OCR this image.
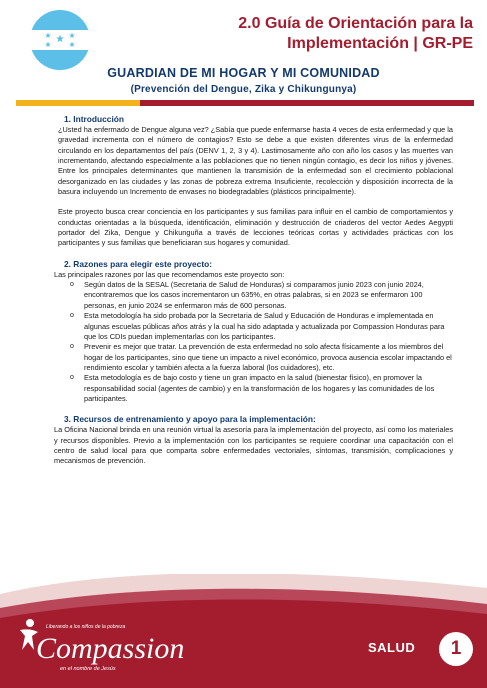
2.0 Guía de Orientación para la
Implementación | GR-PE
GUARDIAN DE MI HOGAR Y MI COMUNIDAD
(Prevención del Dengue, Zika y Chikungunya)
1. Introducción

¿Usted ha enfermado de Dengue alguna vez? ¿Sabía que puede enfermarse hasta 4 veces de esta enfermedad y que la gravedad incrementa con el número de contagios? Esto se debe a que existen diferentes virus de la enfermedad circulando en los departamentos del país (DENV 1, 2, 3 y 4). Lastimosamente año con año los casos y las muertes van incrementando, afectando especialmente a las poblaciones que no tienen ningún contagio, es decir los niños y jóvenes. Entre los principales determinantes que mantienen la transmisión de la enfermedad son el crecimiento poblacional desorganizado en las ciudades y las zonas de pobreza extrema Insuficiente, recolección y disposición incorrecta de la basura incluyendo un Incremento de envases no biodegradables (plásticos principalmente).

Este proyecto busca crear conciencia en los participantes y sus familias para influir en el cambio de comportamientos y conductas orientadas a la búsqueda, identificación, eliminación y destrucción de criaderos del vector Aedes Aegypti portador del Zika, Dengue y Chikunguña a través de lecciones teóricas cortas y actividades prácticas con los participantes y sus familias que beneficiaran sus hogares y comunidad.

2. Razones para elegir este proyecto:

Las principales razones por las que recomendamos este proyecto son:

o Según datos de la SESAL (Secretaria de Salud de Honduras) si comparamos junio 2023 con junio 2024, encontraremos que los casos incrementaron un 635%, en otras palabras, si en 2023 se enfermaron 100 personas, en junio 2024 se enfermaron más de 600 personas.
o Esta metodología ha sido probada por la Secretaria de Salud y Educación de Honduras e implementada en algunas escuelas públicas años atrás y la cual ha sido adaptada y actualizada por Compassion Honduras para que los CDIs puedan implementarlas con los participantes.
o Prevenir es mejor que tratar. La prevención de esta enfermedad no solo afecta físicamente a los miembros del hogar de los participantes, sino que tiene un impacto a nivel económico, provoca ausencia escolar impactando el rendimiento escolar y también afecta a la fuerza laboral (los cuidadores), etc.
o Esta metodología es de bajo costo y tiene un gran impacto en la salud (bienestar físico), en promover la responsabilidad social (agentes de cambio) y en la transformación de los hogares y las comunidades de los participantes.
3. Recursos de entrenamiento y apoyo para la implementación:

La Oficina Nacional brinda en una reunión virtual la asesoría para la implementación del proyecto, así como los materiales y recursos disponibles. Previo a la implementación con los participantes se requiere coordinar una capacitación con el centro de salud local para que comparta sobre enfermedades vectoriales, síntomas, transmisión, complicaciones y mecanismos de prevención.

Liberando a los niños de la pobreza
Compassion
en el nombre de Jesús
SALUD	1
